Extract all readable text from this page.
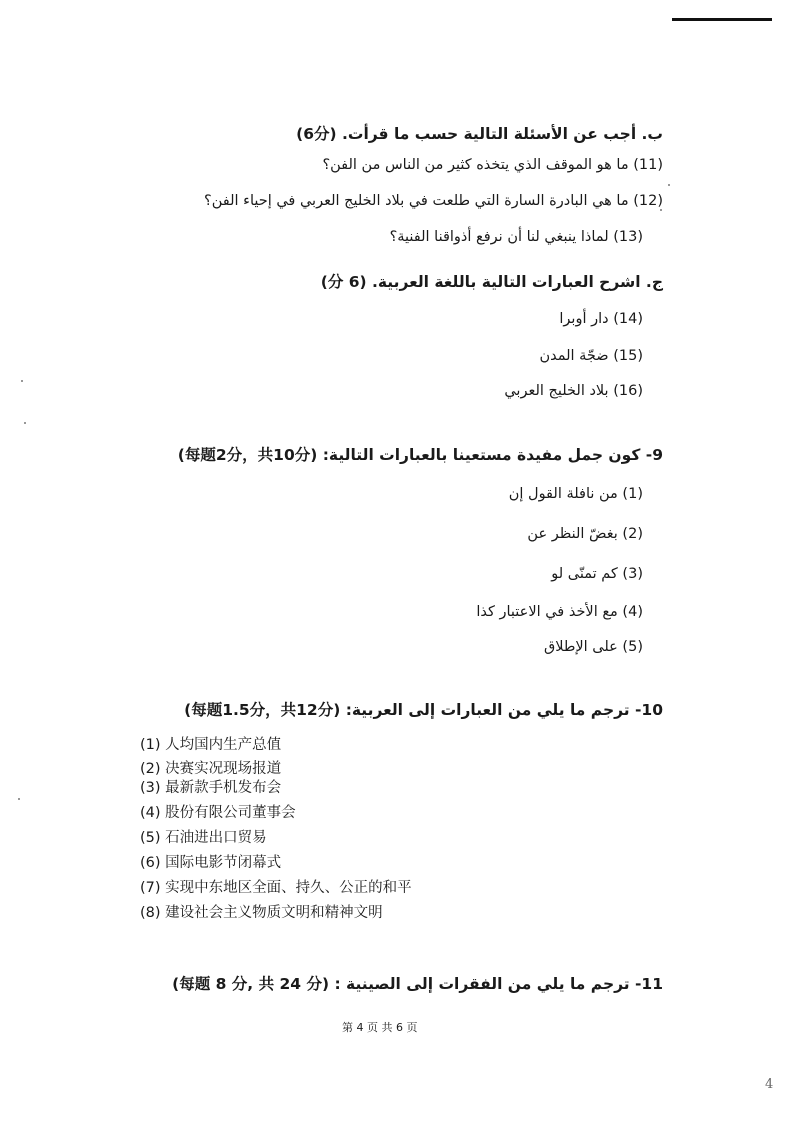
ب. أجب عن الأسئلة التالية حسب ما قرأت. (6分)
(11) ما هو الموقف الذي يتخذه كثير من الناس من الفن؟
(12) ما هي البادرة السارة التي طلعت في بلاد الخليج العربي في إحياء الفن؟
(13) لماذا ينبغي لنا أن نرفع أذواقنا الفنية؟
ج. اشرح العبارات التالية باللغة العربية. (6 分)
(14) دار أوبرا
(15) ضجّة المدن
(16) بلاد الخليج العربي
9- كون جمل مفيدة مستعينا بالعبارات التالية: (每题2分，共10分)
(1) من نافلة القول إن
(2) بغضّ النظر عن
(3) كم تمنّى لو
(4) مع الأخذ في الاعتبار كذا
(5) على الإطلاق
10- ترجم ما يلي من العبارات إلى العربية: (每题1.5分，共12分)
(1) 人均国内生产总值
(2) 决赛实况现场报道
(3) 最新款手机发布会
(4) 股份有限公司董事会
(5) 石油进出口贸易
(6) 国际电影节闭幕式
(7) 实现中东地区全面、持久、公正的和平
(8) 建设社会主义物质文明和精神文明
11- ترجم ما يلي من الفقرات إلى الصينية : (每题 8 分, 共 24 分)
第 4 页 共 6 页
4
